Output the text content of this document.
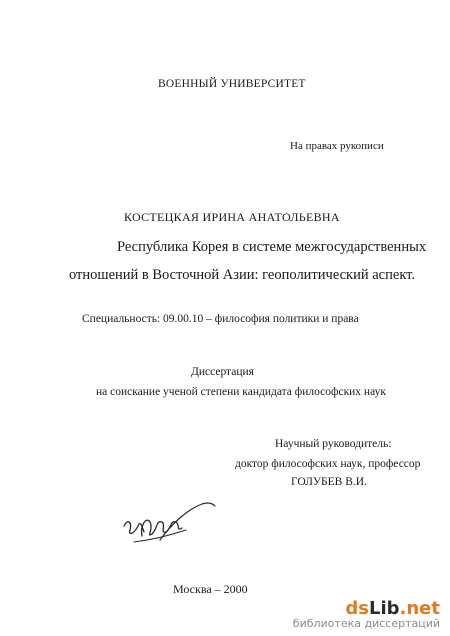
ВОЕННЫЙ УНИВЕРСИТЕТ
На правах рукописи
КОСТЕЦКАЯ ИРИНА АНАТОЛЬЕВНА
Республика Корея в системе межгосударственных
отношений в Восточной Азии: геополитический аспект.
Специальность: 09.00.10 – философия политики и права
Диссертация
на соискание ученой степени кандидата философских наук
Научный руководитель:
доктор философских наук, профессор
ГОЛУБЕВ В.И.
Москва – 2000
dsLib.net
библиотека диссертаций
